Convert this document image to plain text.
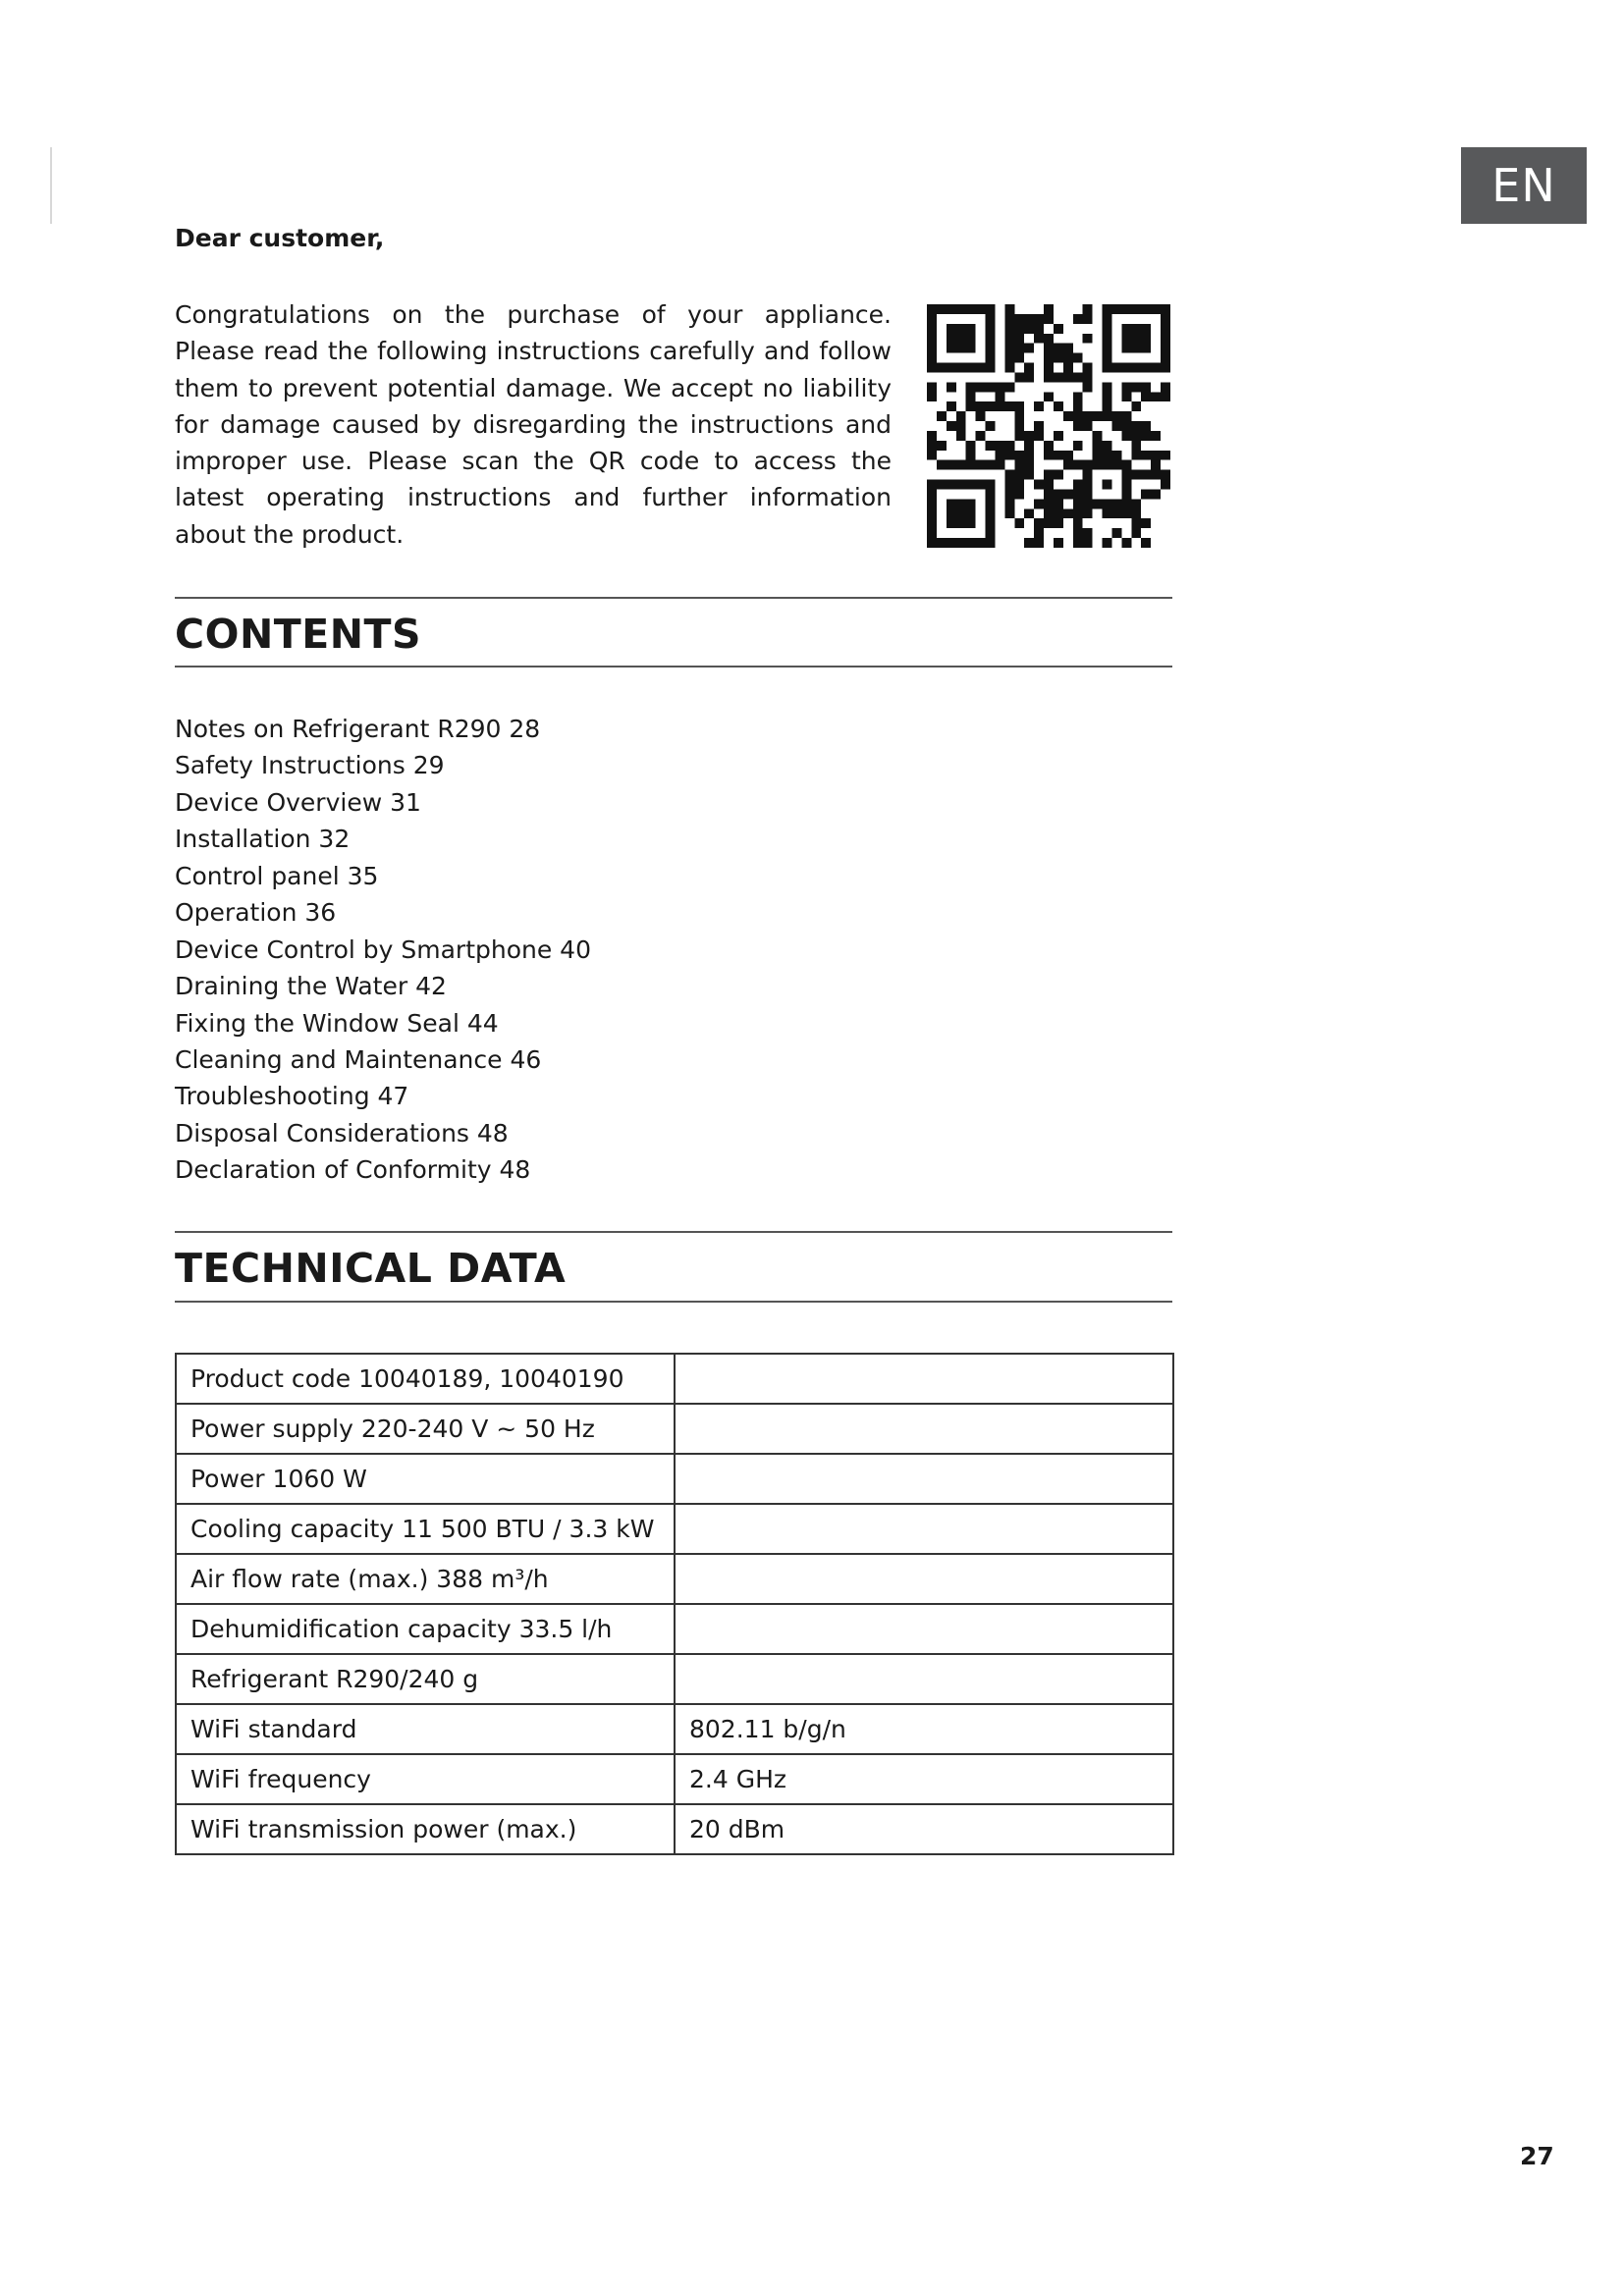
EN
Dear customer,

Congratulations on the purchase of your appliance. Please read the following instructions carefully and follow them to prevent potential damage. We accept no liability for damage caused by disregarding the instructions and improper use. Please scan the QR code to access the latest operating instructions and further information about the product.

CONTENTS
Notes on Refrigerant R290 28
Safety Instructions 29
Device Overview 31
Installation 32
Control panel 35
Operation 36
Device Control by Smartphone 40
Draining the Water 42
Fixing the Window Seal 44
Cleaning and Maintenance 46
Troubleshooting 47
Disposal Considerations 48
Declaration of Conformity 48
TECHNICAL DATA
Product code 10040189, 10040190	
Power supply 220-240 V ~ 50 Hz	
Power 1060 W	
Cooling capacity 11 500 BTU / 3.3 kW	
Air flow rate (max.) 388 m³/h	
Dehumidification capacity 33.5 l/h	
Refrigerant R290/240 g	
WiFi standard	802.11 b/g/n
WiFi frequency	2.4 GHz
WiFi transmission power (max.)	20 dBm
27
